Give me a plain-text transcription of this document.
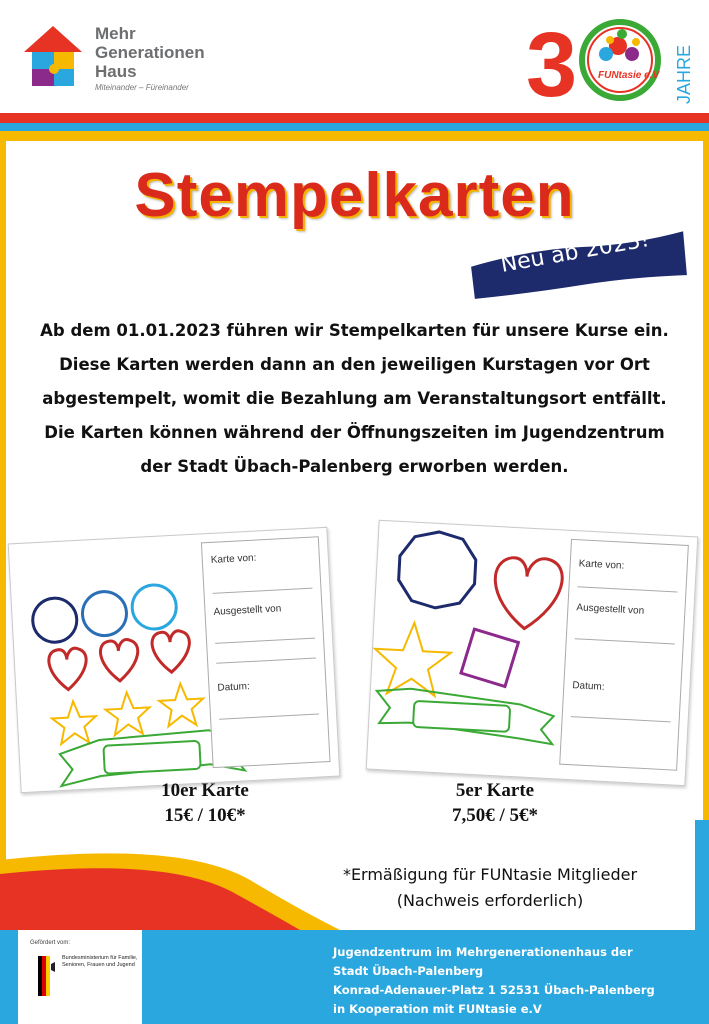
Mehr
Generationen
Haus
Miteinander – Füreinander	3 FUNtasie e.V JAHRE
Stempelkarten
Neu ab 2023!
Ab dem 01.01.2023 führen wir Stempelkarten für unsere Kurse ein.
Diese Karten werden dann an den jeweiligen Kurstagen vor Ort
abgestempelt, womit die Bezahlung am Veranstaltungsort entfällt.
Die Karten können während der Öffnungszeiten im Jugendzentrum
der Stadt Übach-Palenberg erworben werden.
Karte von:
Ausgestellt von
Datum:
Karte von:
Ausgestellt von
Datum:
10er Karte
15€ / 10€*
5er Karte
7,50€ / 5€*
*Ermäßigung für FUNtasie Mitglieder
(Nachweis erforderlich)
Gefördert vom:
Bundesministerium für Familie, Senioren, Frauen und Jugend
Jugendzentrum im Mehrgenerationenhaus der
Stadt Übach-Palenberg
Konrad-Adenauer-Platz 1 52531 Übach-Palenberg
in Kooperation mit FUNtasie e.V
